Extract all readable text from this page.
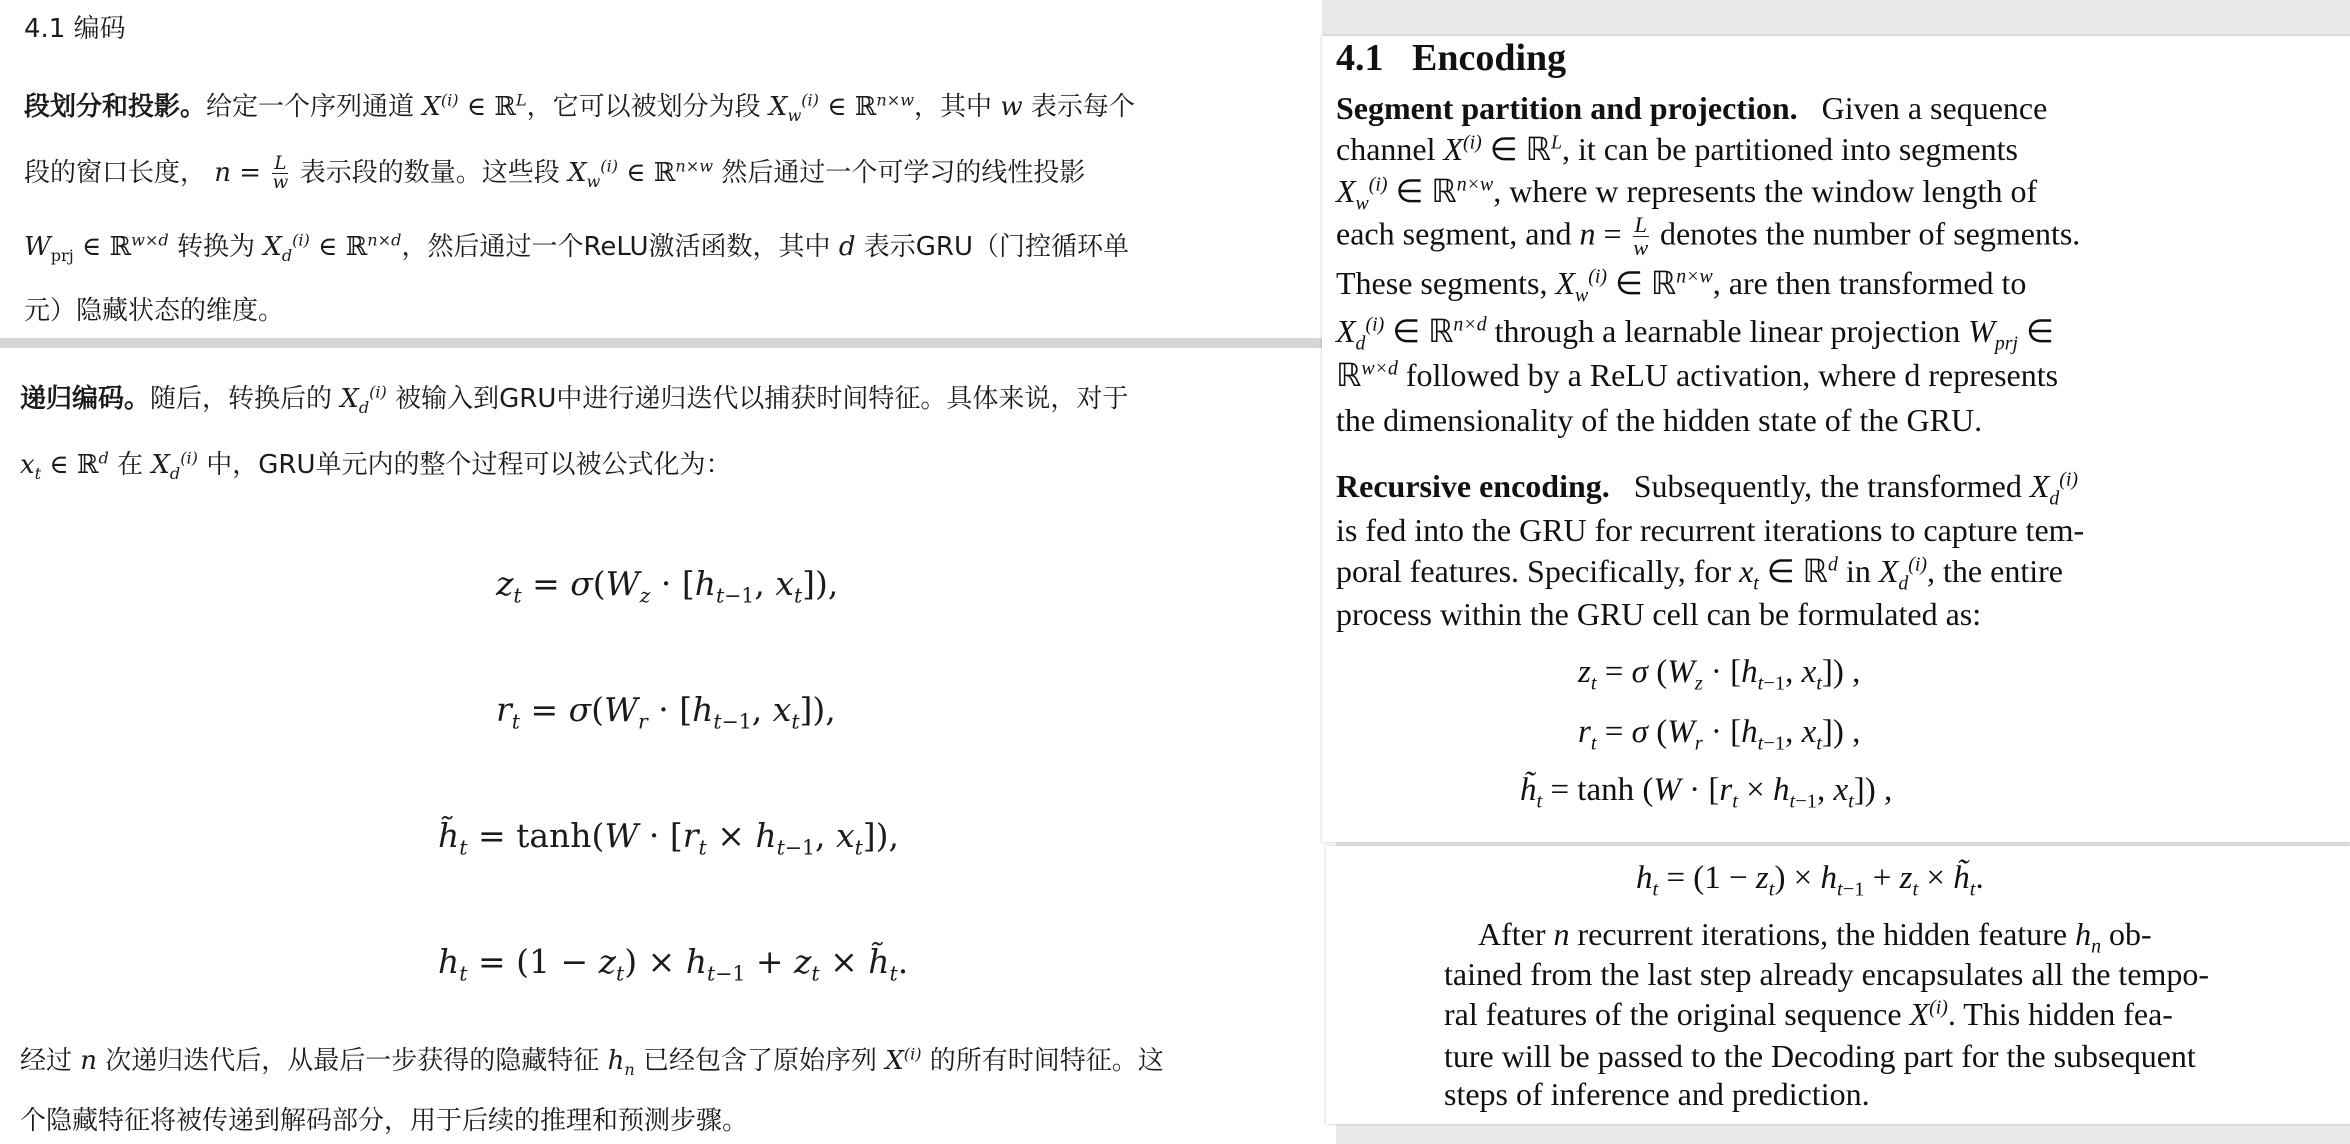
4.1 编码
段划分和投影。给定一个序列通道 $X^{(i)}$ ∈ ℝ$^L$，它可以被划分为段 $X_w^{(i)}$ ∈ ℝ$^{n\times w}$，其中 w 表示每个
段的窗口长度， $n = \frac{L}{w}$ 表示段的数量。这些段 $X_w^{(i)}$ ∈ ℝ$^{n\times w}$ 然后通过一个可学习的线性投影
$W_{prj}$ ∈ ℝ$^{w\times d}$ 转换为 $X_d^{(i)}$ ∈ ℝ$^{n\times d}$，然后通过一个ReLU激活函数，其中 d 表示GRU（门控循环单
元）隐藏状态的维度。
递归编码。随后，转换后的 $X_d^{(i)}$ 被输入到GRU中进行递归迭代以捕获时间特征。具体来说，对于
$x_t$ ∈ ℝ$^d$ 在 $X_d^{(i)}$ 中，GRU单元内的整个过程可以被公式化为：
$z_t = \sigma(W_z \cdot [h_{t-1}$, $x_t$]),
$r_t = \sigma(W_r \cdot [h_{t-1}$, $x_t$]),
$h̃_t = \tanh(W \cdot [r_t \times h_{t-1}$, $x_t$]),
$h_t = (1 - z_t) \times h_{t-1} + z_t$ × $h̃_t$.
经过 n 次递归迭代后，从最后一步获得的隐藏特征 $h_n$ 已经包含了原始序列 $X^{(i)}$ 的所有时间特征。这
个隐藏特征将被传递到解码部分，用于后续的推理和预测步骤。
4.1 Encoding
Segment partition and projection. Given a sequence
channel $X^{(i)}$ ∈ ℝ$^L$, it can be partitioned into segments
$X_w^{(i)}$ ∈ ℝ$^{n\times w}$, where w represents the window length of
each segment, and $n = \frac{L}{w}$ denotes the number of segments.
These segments, $X_w^{(i)}$ ∈ ℝ$^{n\times w}$, are then transformed to
$X_d^{(i)}$ ∈ ℝ$^{n\times d}$ through a learnable linear projection $W_{prj}$ ∈
ℝ$^{w\times d}$ followed by a ReLU activation, where d represents
the dimensionality of the hidden state of the GRU.
Recursive encoding. Subsequently, the transformed $X_d^{(i)}$
is fed into the GRU for recurrent iterations to capture tem-
poral features. Specifically, for $x_t$ ∈ ℝ$^d$ in $X_d^{(i)}$, the entire
process within the GRU cell can be formulated as:
$z_t = \sigma$ ($W_z \cdot [h_{t-1}$, $x_t$]) ,
$r_t = \sigma$ ($W_r \cdot [h_{t-1}$, $x_t$]) ,
$h̃_t = \tanh (W \cdot [r_t \times h_{t-1}$, $x_t$]) ,
$h_t = (1 - z_t) \times h_{t-1} + z_t$ × $h̃_t$.
After n recurrent iterations, the hidden feature $h_n$ ob-
tained from the last step already encapsulates all the tempo-
ral features of the original sequence $X^{(i)}$. This hidden fea-
ture will be passed to the Decoding part for the subsequent
steps of inference and prediction.
